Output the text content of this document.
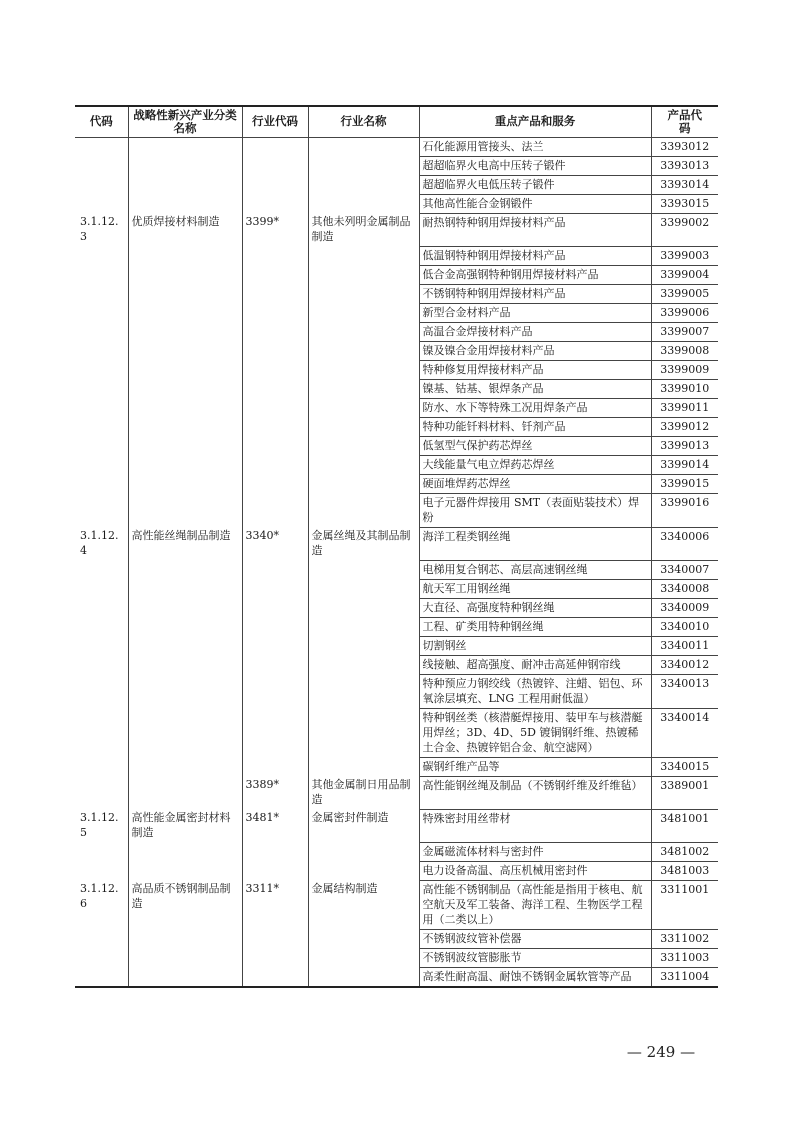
代码	战略性新兴产业分类名称	行业代码	行业名称	重点产品和服务	产品代码
				石化能源用管接头、法兰	3393012
				超超临界火电高中压转子锻件	3393013
				超超临界火电低压转子锻件	3393014
				其他高性能合金钢锻件	3393015
3.1.12.3	优质焊接材料制造	3399*	其他未列明金属制品制造	耐热钢特种钢用焊接材料产品	3399002
				低温钢特种钢用焊接材料产品	3399003
				低合金高强钢特种钢用焊接材料产品	3399004
				不锈钢特种钢用焊接材料产品	3399005
				新型合金材料产品	3399006
				高温合金焊接材料产品	3399007
				镍及镍合金用焊接材料产品	3399008
				特种修复用焊接材料产品	3399009
				镍基、钴基、银焊条产品	3399010
				防水、水下等特殊工况用焊条产品	3399011
				特种功能钎料材料、钎剂产品	3399012
				低氢型气保护药芯焊丝	3399013
				大线能量气电立焊药芯焊丝	3399014
				硬面堆焊药芯焊丝	3399015
				电子元器件焊接用 SMT（表面贴装技术）焊粉	3399016
3.1.12.4	高性能丝绳制品制造	3340*	金属丝绳及其制品制造	海洋工程类钢丝绳	3340006
				电梯用复合钢芯、高层高速钢丝绳	3340007
				航天军工用钢丝绳	3340008
				大直径、高强度特种钢丝绳	3340009
				工程、矿类用特种钢丝绳	3340010
				切割钢丝	3340011
				线接触、超高强度、耐冲击高延伸钢帘线	3340012
				特种预应力钢绞线（热镀锌、注蜡、铝包、环氧涂层填充、LNG 工程用耐低温）	3340013
				特种钢丝类（核潜艇焊接用、装甲车与核潜艇用焊丝；3D、4D、5D 镀铜钢纤维、热镀稀土合金、热镀锌铝合金、航空滤网）	3340014
				碳钢纤维产品等	3340015
		3389*	其他金属制日用品制造	高性能钢丝绳及制品（不锈钢纤维及纤维毡）	3389001
3.1.12.5	高性能金属密封材料制造	3481*	金属密封件制造	特殊密封用丝带材	3481001
				金属磁流体材料与密封件	3481002
				电力设备高温、高压机械用密封件	3481003
3.1.12.6	高品质不锈钢制品制造	3311*	金属结构制造	高性能不锈钢制品（高性能是指用于核电、航空航天及军工装备、海洋工程、生物医学工程用（二类以上）	3311001
				不锈钢波纹管补偿器	3311002
				不锈钢波纹管膨胀节	3311003
				高柔性耐高温、耐蚀不锈钢金属软管等产品	3311004
— 249 —
